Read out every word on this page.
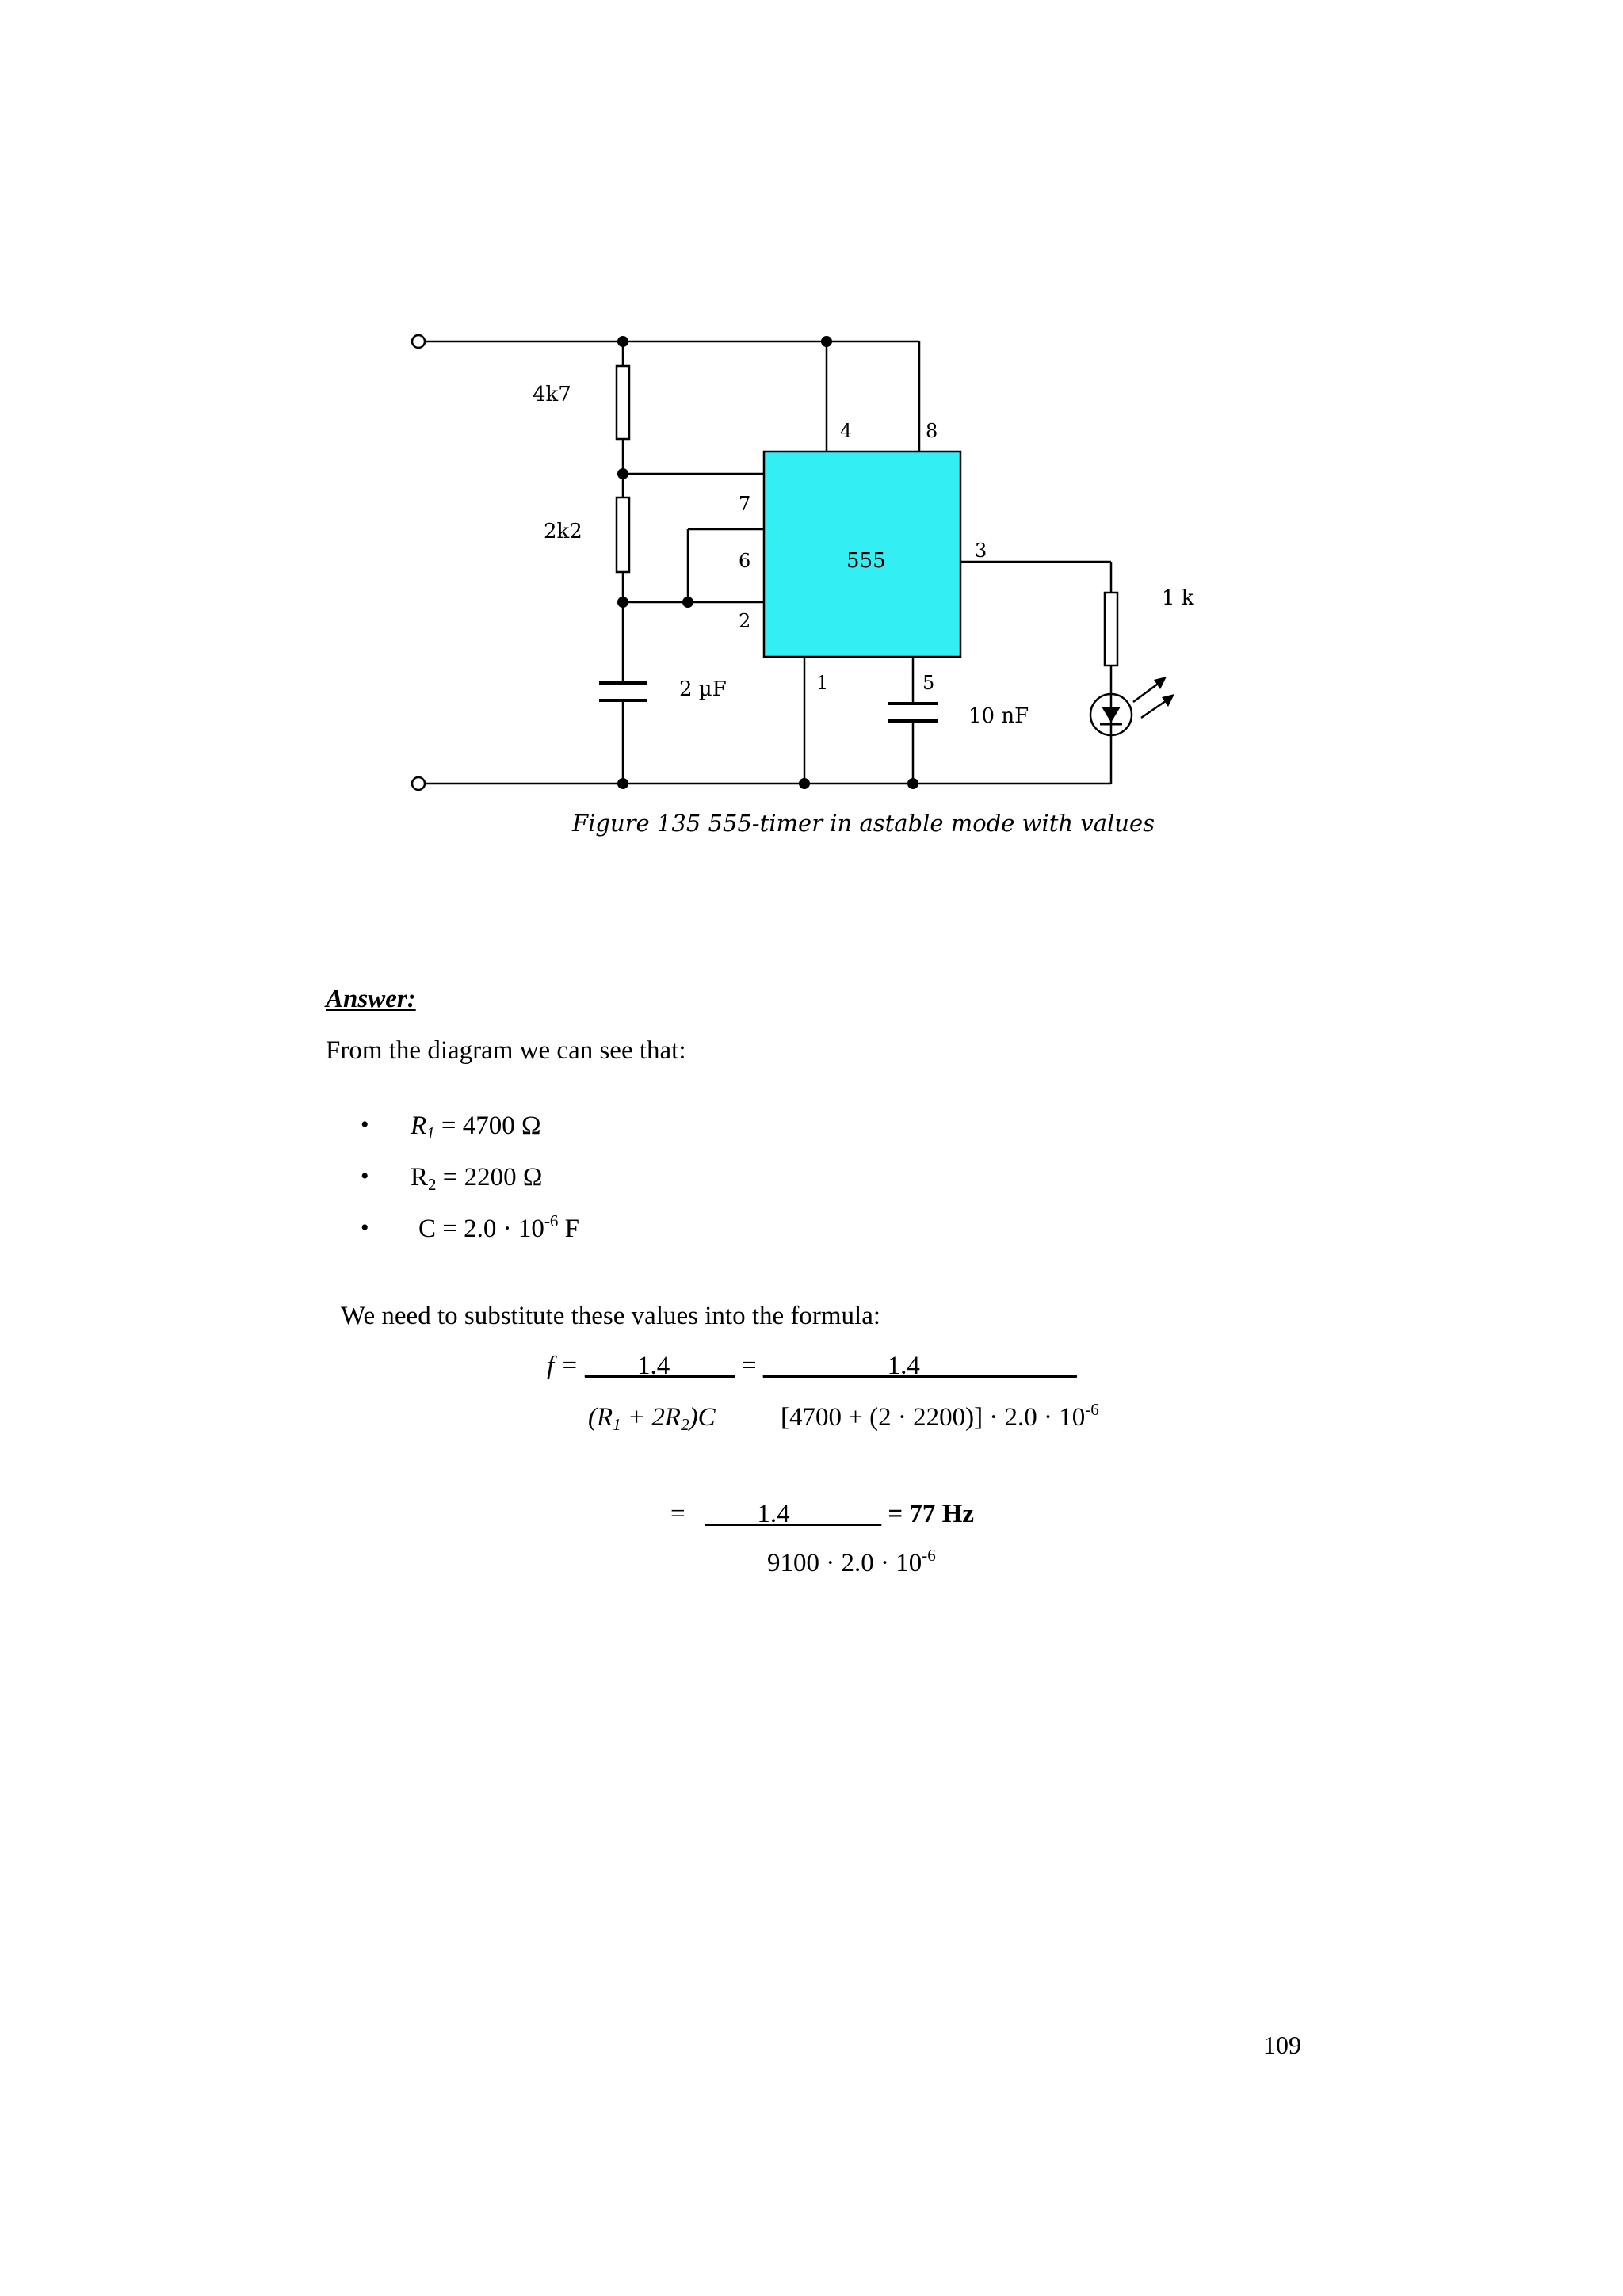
4k7
2k2
2 µF
10 nF
1 k
555
4	8
7
6
2
3
1	5

Figure 135 555-timer in astable mode with values

Answer:

From the diagram we can see that:

• $R_1 = 4700$ Ω
• $R_2 = 2200$ Ω
• $C = 2.0 \cdot 10^{-6}$ F

We need to substitute these values into the formula:

f = ____1.4_____ = ____ _____1.4____________

$(R_1 + 2R_2)C$ $[4700 + (2 \cdot 2200)] \cdot 2.0 \cdot 10^{-6}$

=   ____1.4_______ = 77 Hz

$9100 \cdot 2.0 \cdot 10^{-6}$

109
